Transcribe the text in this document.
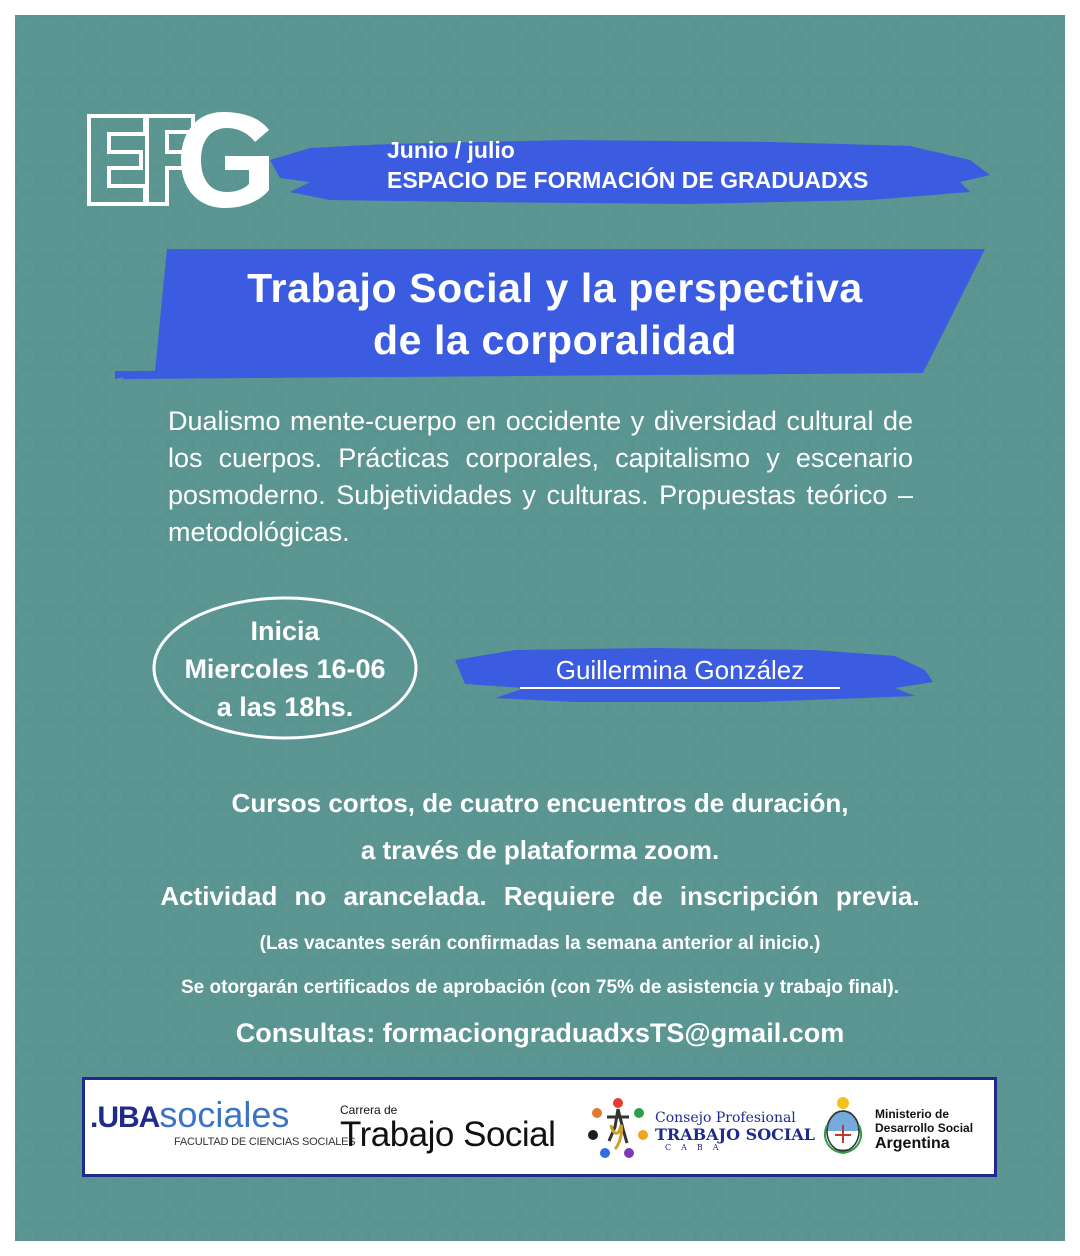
Junio / julio
ESPACIO DE FORMACIÓN DE GRADUADXS
Trabajo Social y la perspectiva
de la corporalidad
Dualismo mente-cuerpo en occidente y diversidad cultural de los cuerpos. Prácticas corporales, capitalismo y escenario posmoderno. Subjetividades y culturas. Propuestas teórico – metodológicas.
Inicia
Miercoles 16-06
a las 18hs.
Guillermina González
Cursos cortos, de cuatro encuentros de duración,
a través de plataforma zoom.
Actividad no arancelada. Requiere de inscripción previa.
(Las vacantes serán confirmadas la semana anterior al inicio.)
Se otorgarán certificados de aprobación (con 75% de asistencia y trabajo final).
Consultas: formaciongraduadxsTS@gmail.com
.UBAsociales
FACULTAD DE CIENCIAS SOCIALES
Carrera de
Trabajo Social	Consejo Profesional
TRABAJO SOCIAL
CABA
Ministerio de
Desarrollo Social
Argentina
